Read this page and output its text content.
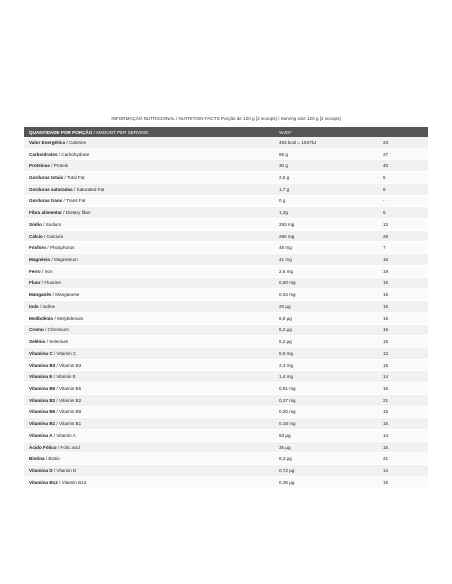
INFORMAÇÃO NUTRICIONAL / NUTRITION FACTS Porção de 120 g [2 scoops] / Serving size 120 g [2 scoops]
QUANTIDADE POR PORÇÃO / AMOUNT PER SERVING	%VD*	
Valor Energético / Calories	463 kcal = 1937kJ	23
Carboidratos / Carbohydrate	85 g	27
Proteínas / Protein	30 g	40
Gorduras totais / Total Fat	2,5 g	5
Gorduras saturadas / Saturated Fat	1,7 g	8
Gorduras trans / Trans Fat	0 g	-
Fibra alimentar / Dietary fiber	1,2g	5
Sódio / Sodium	293 mg	12
Cálcio / Calcium	286 mg	29
Fósforo / Phosphorus	46 mg	7
Magnésio / Magnesium	41 mg	16
Ferro / Iron	2,6 mg	19
Fluor / Fluorine	0,60 mg	15
Manganês / Manganese	0,34 mg	15
Iodo / Iodine	20 µg	15
Molibdênio / Molybdenum	6,8 µg	15
Cromo / Chromium	5,2 µg	15
Selênio / Selenium	5,2 µg	15
Vitamina C / Vitamin C	5,9 mg	13
Vitamina B3 / Vitamin B3	2,4 mg	15
Vitamina E / Vitamin E	1,4 mg	14
Vitamina B5 / Vitamin B5	0,81 mg	16
Vitamina B2 / Vitamin B2	0,27 mg	21
Vitamina B6 / Vitamin B6	0,20 mg	15
Vitamina B1 / Vitamin B1	0,18 mg	15
Vitamina A / Vitamin A	83 µg	14
Ácido Fólico / Folic acid	35 µg	15
Biotina / Biotin	6,3 µg	21
Vitamina D / Vitamin D	0,72 µg	14
Vitamina B12 / Vitamin B12	0,36 µg	15
